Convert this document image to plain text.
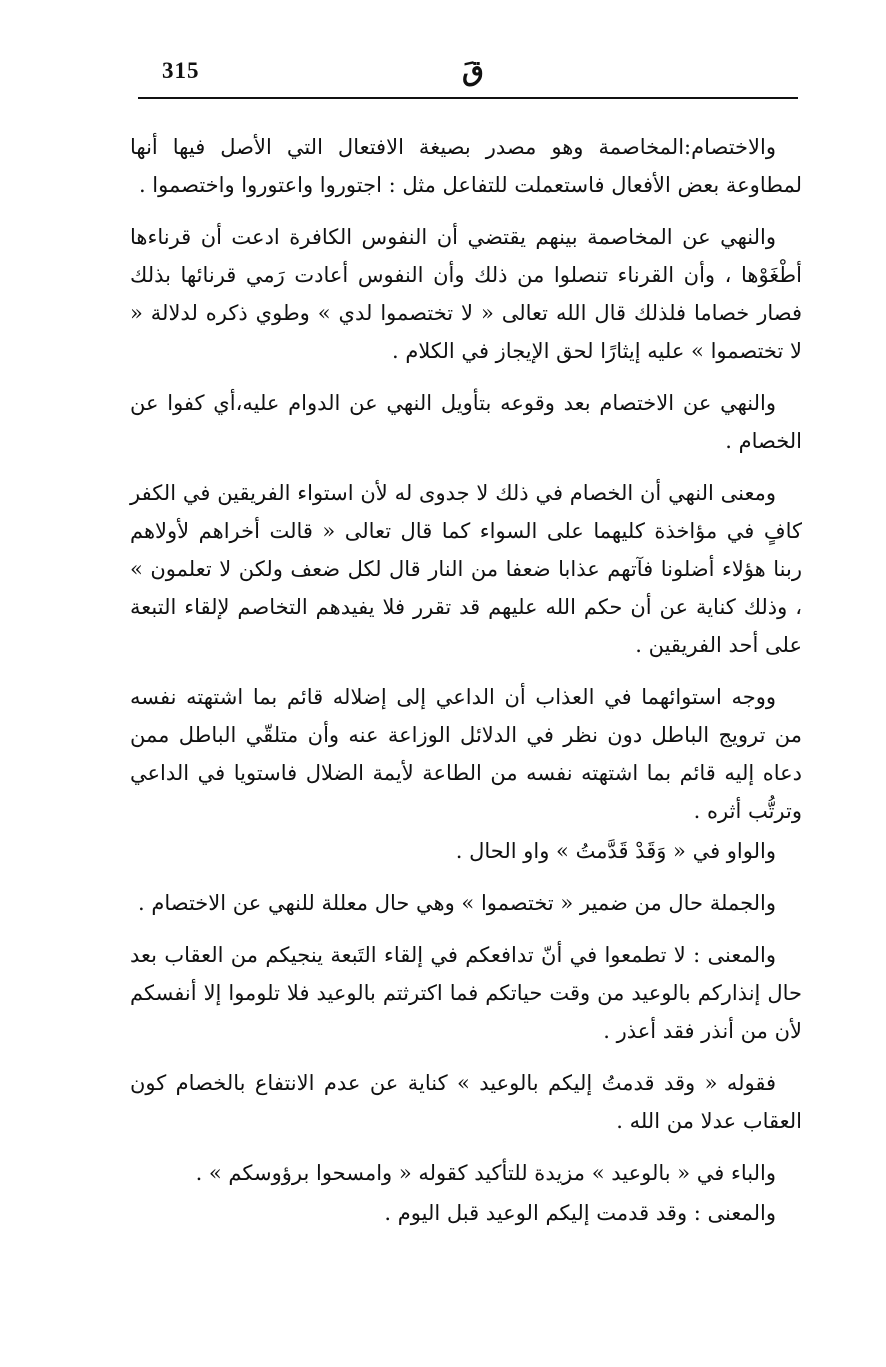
315	قَ

والاختصام:المخاصمة وهو مصدر بصيغة الافتعال التي الأصل فيها أنها لمطاوعة بعض الأفعال فاستعملت للتفاعل مثل : اجتوروا واعتوروا واختصموا .

والنهي عن المخاصمة بينهم يقتضي أن النفوس الكافرة ادعت أن قرناءها أطْغَوْها ، وأن القرناء تنصلوا من ذلك وأن النفوس أعادت رَمي قرنائها بذلك فصار خصاما فلذلك قال الله تعالى « لا تختصموا لدي » وطوي ذكره لدلالة « لا تختصموا » عليه إيثارًا لحق الإيجاز في الكلام .

والنهي عن الاختصام بعد وقوعه بتأويل النهي عن الدوام عليه،أي كفوا عن الخصام .

ومعنى النهي أن الخصام في ذلك لا جدوى له لأن استواء الفريقين في الكفر كافٍ في مؤاخذة كليهما على السواء كما قال تعالى « قالت أخراهم لأولاهم ربنا هؤلاء أضلونا فآتهم عذابا ضعفا من النار قال لكل ضعف ولكن لا تعلمون » ، وذلك كناية عن أن حكم الله عليهم قد تقرر فلا يفيدهم التخاصم لإلقاء التبعة على أحد الفريقين .

ووجه استوائهما في العذاب أن الداعي إلى إضلاله قائم بما اشتهته نفسه من ترويج الباطل دون نظر في الدلائل الوزاعة عنه وأن متلقّي الباطل ممن دعاه إليه قائم بما اشتهته نفسه من الطاعة لأيمة الضلال فاستويا في الداعي وترتُّب أثره .

والواو في « وَقَدْ قَدَّمتُ » واو الحال .

والجملة حال من ضمير « تختصموا » وهي حال معللة للنهي عن الاختصام .

والمعنى : لا تطمعوا في أنّ تدافعكم في إلقاء التَبعة ينجيكم من العقاب بعد حال إنذاركم بالوعيد من وقت حياتكم فما اكترثتم بالوعيد فلا تلوموا إلا أنفسكم لأن من أنذر فقد أعذر .

فقوله « وقد قدمتُ إليكم بالوعيد » كناية عن عدم الانتفاع بالخصام كون العقاب عدلا من الله .

والباء في « بالوعيد » مزيدة للتأكيد كقوله « وامسحوا برؤوسكم » .

والمعنى : وقد قدمت إليكم الوعيد قبل اليوم .
